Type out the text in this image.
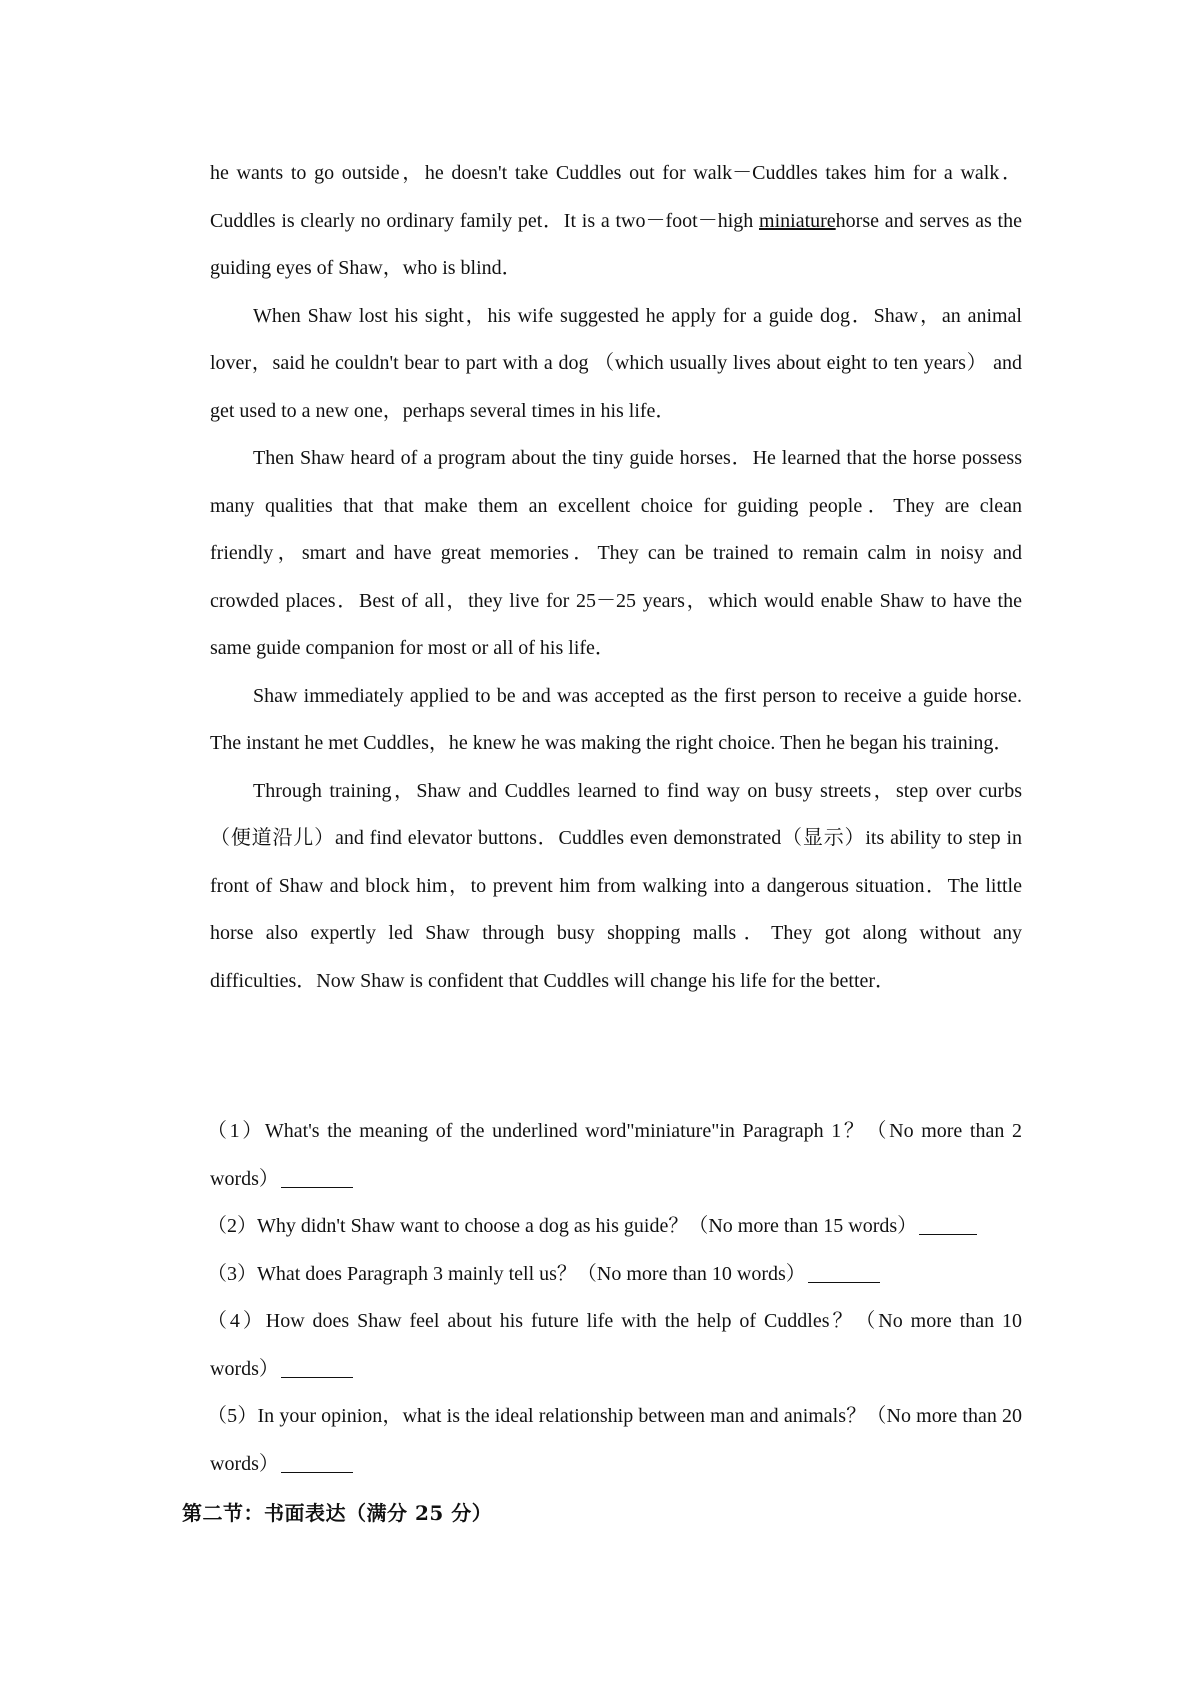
he wants to go outside，he doesn't take Cuddles out for walk－Cuddles takes him for a walk．Cuddles is clearly no ordinary family pet．It is a two－foot－high miniaturehorse and serves as the guiding eyes of Shaw，who is blind．

When Shaw lost his sight，his wife suggested he apply for a guide dog．Shaw，an animal lover，said he couldn't bear to part with a dog （which usually lives about eight to ten years） and get used to a new one，perhaps several times in his life．

Then Shaw heard of a program about the tiny guide horses．He learned that the horse possess many qualities that that make them an excellent choice for guiding people．They are clean friendly，smart and have great memories．They can be trained to remain calm in noisy and crowded places．Best of all，they live for 25－25 years，which would enable Shaw to have the same guide companion for most or all of his life．

Shaw immediately applied to be and was accepted as the first person to receive a guide horse. The instant he met Cuddles，he knew he was making the right choice. Then he began his training．

Through training，Shaw and Cuddles learned to find way on busy streets，step over curbs（便道沿儿）and find elevator buttons．Cuddles even demonstrated（显示）its ability to step in front of Shaw and block him，to prevent him from walking into a dangerous situation．The little horse also expertly led Shaw through busy shopping malls．They got along without any difficulties．Now Shaw is confident that Cuddles will change his life for the better．

（1）What's the meaning of the underlined word"miniature"in Paragraph 1？（No more than 2 words）

（2）Why didn't Shaw want to choose a dog as his guide？（No more than 15 words）

（3）What does Paragraph 3 mainly tell us？（No more than 10 words）

（4）How does Shaw feel about his future life with the help of Cuddles？（No more than 10 words）

（5）In your opinion，what is the ideal relationship between man and animals？（No more than 20 words）

第二节：书面表达（满分 25 分）
